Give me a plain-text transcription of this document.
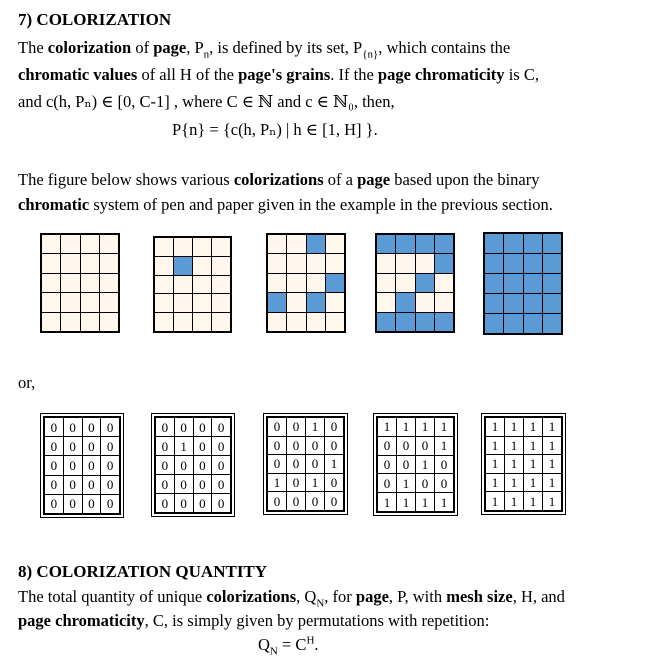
7) COLORIZATION
The colorization of page, $P_n$, is defined by its set, $P_{\{n\}}$, which contains the
chromatic values of all H of the page's grains. If the page chromaticity is C,
and c(h, Pₙ) ∈ [0, C-1] , where C ∈ ℕ and c ∈ ℕ₀, then,
P{n} = {c(h, Pₙ) | h ∈ [1, H] }.
The figure below shows various colorizations of a page based upon the binary
chromatic system of pen and paper given in the example in the previous section.
or,
0 0 0 0
0 0 0 0
0 0 0 0
0 0 0 0
0 0 0 0
0 0 0 0
0 1 0 0
0 0 0 0
0 0 0 0
0 0 0 0
0 0 1 0
0 0 0 0
0 0 0 1
1 0 1 0
0 0 0 0
1 1 1 1
0 0 0 1
0 0 1 0
0 1 0 0
1 1 1 1
1 1 1 1
1 1 1 1
1 1 1 1
1 1 1 1
1 1 1 1
8) COLORIZATION QUANTITY
The total quantity of unique colorizations, $Q_N$, for page, P, with mesh size, H, and
page chromaticity, C, is simply given by permutations with repetition:
$Q_N = C^H$.
